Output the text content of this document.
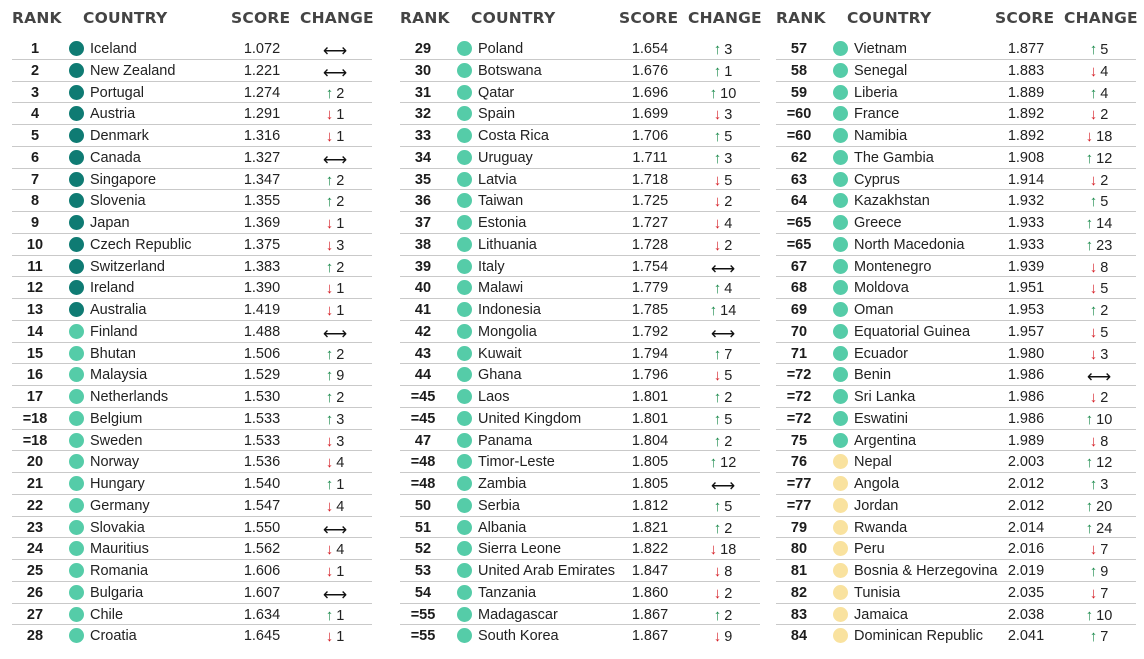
RANK COUNTRY	SCORE CHANGE
1	Iceland	1.072	⟷
2	New Zealand	1.221	⟷
3	Portugal	1.274	↑ 2
4	Austria	1.291	↓ 1
5	Denmark	1.316	↓ 1
6	Canada	1.327	⟷
7	Singapore	1.347	↑ 2
8	Slovenia	1.355	↑ 2
9	Japan	1.369	↓ 1
10	Czech Republic	1.375	↓ 3
11	Switzerland	1.383	↑ 2
12	Ireland	1.390	↓ 1
13	Australia	1.419	↓ 1
14	Finland	1.488	⟷
15	Bhutan	1.506	↑ 2
16	Malaysia	1.529	↑ 9
17	Netherlands	1.530	↑ 2
=18	Belgium	1.533	↑ 3
=18	Sweden	1.533	↓ 3
20	Norway	1.536	↓ 4
21	Hungary	1.540	↑ 1
22	Germany	1.547	↓ 4
23	Slovakia	1.550	⟷
24	Mauritius	1.562	↓ 4
25	Romania	1.606	↓ 1
26	Bulgaria	1.607	⟷
27	Chile	1.634	↑ 1
28	Croatia	1.645	↓ 1
RANK COUNTRY	SCORE CHANGE
29	Poland	1.654	↑ 3
30	Botswana	1.676	↑ 1
31	Qatar	1.696	↑ 10
32	Spain	1.699	↓ 3
33	Costa Rica	1.706	↑ 5
34	Uruguay	1.711	↑ 3
35	Latvia	1.718	↓ 5
36	Taiwan	1.725	↓ 2
37	Estonia	1.727	↓ 4
38	Lithuania	1.728	↓ 2
39	Italy	1.754	⟷
40	Malawi	1.779	↑ 4
41	Indonesia	1.785	↑ 14
42	Mongolia	1.792	⟷
43	Kuwait	1.794	↑ 7
44	Ghana	1.796	↓ 5
=45	Laos	1.801	↑ 2
=45	United Kingdom	1.801	↑ 5
47	Panama	1.804	↑ 2
=48	Timor-Leste	1.805	↑ 12
=48	Zambia	1.805	⟷
50	Serbia	1.812	↑ 5
51	Albania	1.821	↑ 2
52	Sierra Leone	1.822	↓ 18
53	United Arab Emirates	1.847	↓ 8
54	Tanzania	1.860	↓ 2
=55	Madagascar	1.867	↑ 2
=55	South Korea	1.867	↓ 9
RANK COUNTRY	SCORE CHANGE
57	Vietnam	1.877	↑ 5
58	Senegal	1.883	↓ 4
59	Liberia	1.889	↑ 4
=60	France	1.892	↓ 2
=60	Namibia	1.892	↓ 18
62	The Gambia	1.908	↑ 12
63	Cyprus	1.914	↓ 2
64	Kazakhstan	1.932	↑ 5
=65	Greece	1.933	↑ 14
=65	North Macedonia	1.933	↑ 23
67	Montenegro	1.939	↓ 8
68	Moldova	1.951	↓ 5
69	Oman	1.953	↑ 2
70	Equatorial Guinea	1.957	↓ 5
71	Ecuador	1.980	↓ 3
=72	Benin	1.986	⟷
=72	Sri Lanka	1.986	↓ 2
=72	Eswatini	1.986	↑ 10
75	Argentina	1.989	↓ 8
76	Nepal	2.003	↑ 12
=77	Angola	2.012	↑ 3
=77	Jordan	2.012	↑ 20
79	Rwanda	2.014	↑ 24
80	Peru	2.016	↓ 7
81	Bosnia & Herzegovina 2.019	↑ 9
82	Tunisia	2.035	↓ 7
83	Jamaica	2.038	↑ 10
84	Dominican Republic	2.041	↑ 7
